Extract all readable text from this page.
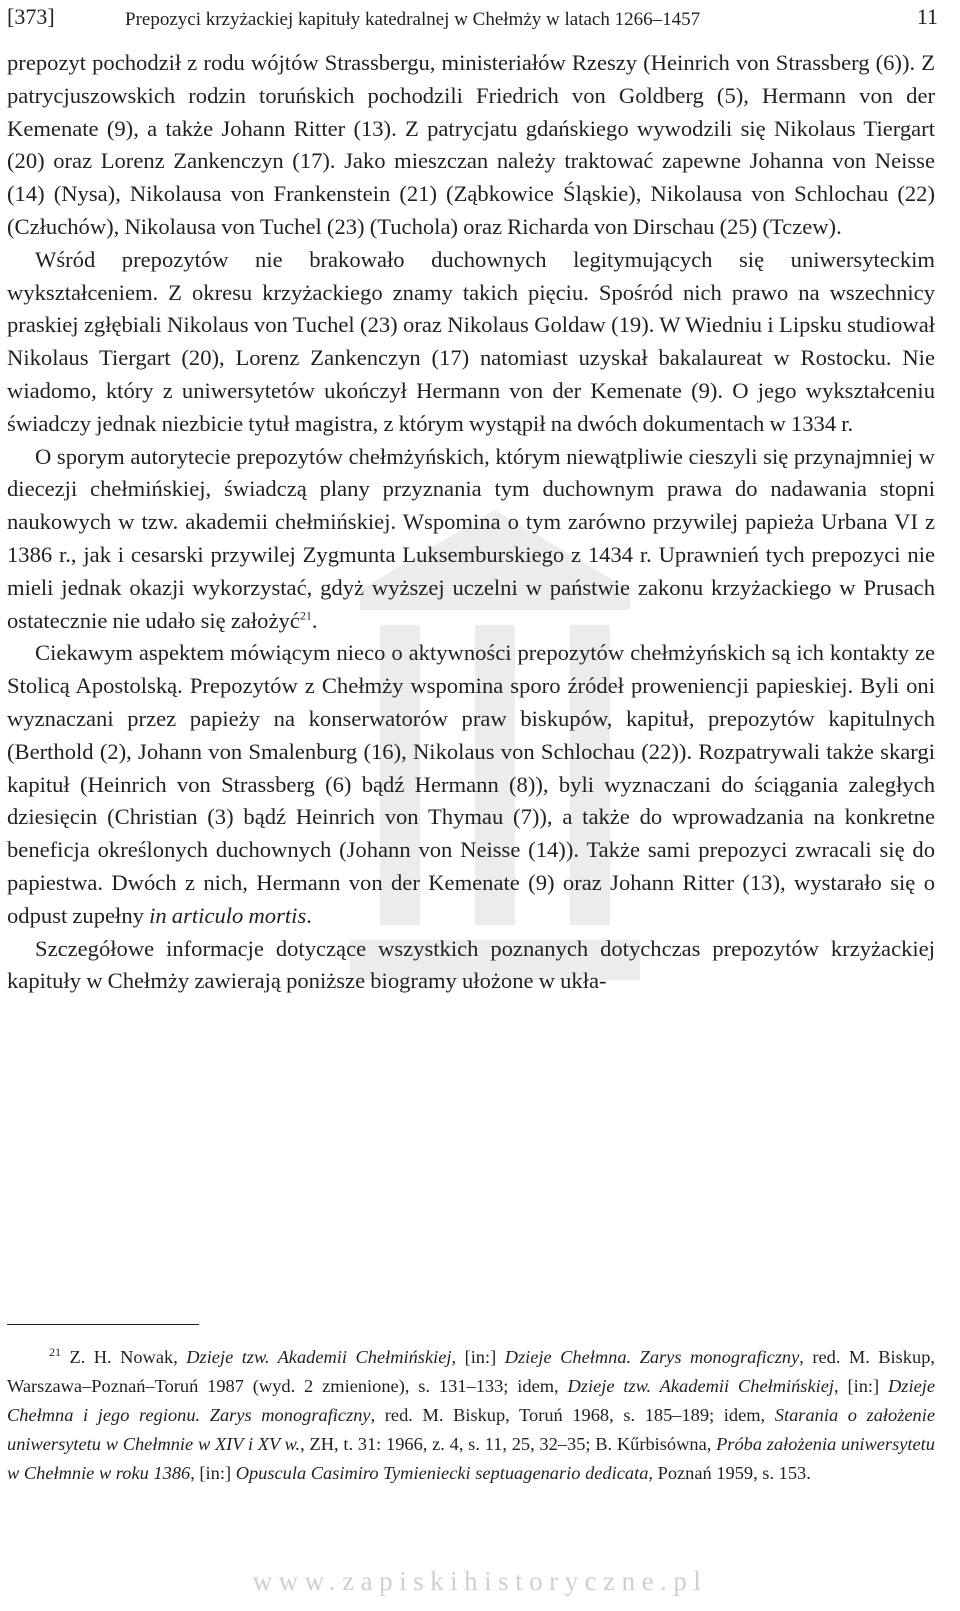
[373]	Prepozyci krzyżackiej kapituły katedralnej w Chełmży w latach 1266–1457	11

prepozyt pochodził z rodu wójtów Strassbergu, ministeriałów Rzeszy (Heinrich von Strassberg (6)). Z patrycjuszowskich rodzin toruńskich pochodzili Friedrich von Goldberg (5), Hermann von der Kemenate (9), a także Johann Ritter (13). Z patrycjatu gdańskiego wywodzili się Nikolaus Tiergart (20) oraz Lorenz Zankenczyn (17). Jako mieszczan należy traktować zapewne Johanna von Neisse (14) (Nysa), Nikolausa von Frankenstein (21) (Ząbkowice Śląskie), Nikolausa von Schlochau (22) (Człuchów), Nikolausa von Tuchel (23) (Tuchola) oraz Richarda von Dirschau (25) (Tczew).

Wśród prepozytów nie brakowało duchownych legitymujących się uniwersyteckim wykształceniem. Z okresu krzyżackiego znamy takich pięciu. Spośród nich prawo na wszechnicy praskiej zgłębiali Nikolaus von Tuchel (23) oraz Nikolaus Goldaw (19). W Wiedniu i Lipsku studiował Nikolaus Tiergart (20), Lorenz Zankenczyn (17) natomiast uzyskał bakalaureat w Rostocku. Nie wiadomo, który z uniwersytetów ukończył Hermann von der Kemenate (9). O jego wykształceniu świadczy jednak niezbicie tytuł magistra, z którym wystąpił na dwóch dokumentach w 1334 r.

O sporym autorytecie prepozytów chełmżyńskich, którym niewątpliwie cieszyli się przynajmniej w diecezji chełmińskiej, świadczą plany przyznania tym duchownym prawa do nadawania stopni naukowych w tzw. akademii chełmińskiej. Wspomina o tym zarówno przywilej papieża Urbana VI z 1386 r., jak i cesarski przywilej Zygmunta Luksemburskiego z 1434 r. Uprawnień tych prepozyci nie mieli jednak okazji wykorzystać, gdyż wyższej uczelni w państwie zakonu krzyżackiego w Prusach ostatecznie nie udało się założyć$^{21}$.

Ciekawym aspektem mówiącym nieco o aktywności prepozytów chełmżyńskich są ich kontakty ze Stolicą Apostolską. Prepozytów z Chełmży wspomina sporo źródeł proweniencji papieskiej. Byli oni wyznaczani przez papieży na konserwatorów praw biskupów, kapituł, prepozytów kapitulnych (Berthold (2), Johann von Smalenburg (16), Nikolaus von Schlochau (22)). Rozpatrywali także skargi kapituł (Heinrich von Strassberg (6) bądź Hermann (8)), byli wyznaczani do ściągania zaległych dziesięcin (Christian (3) bądź Heinrich von Thymau (7)), a także do wprowadzania na konkretne beneficja określonych duchownych (Johann von Neisse (14)). Także sami prepozyci zwracali się do papiestwa. Dwóch z nich, Hermann von der Kemenate (9) oraz Johann Ritter (13), wystarało się o odpust zupełny in articulo mortis.

Szczegółowe informacje dotyczące wszystkich poznanych dotychczas prepozytów krzyżackiej kapituły w Chełmży zawierają poniższe biogramy ułożone w ukła-

$^{21}$ Z. H. Nowak, Dzieje tzw. Akademii Chełmińskiej, [in:] Dzieje Chełmna. Zarys monograficzny, red. M. Biskup, Warszawa–Poznań–Toruń 1987 (wyd. 2 zmienione), s. 131–133; idem, Dzieje tzw. Akademii Chełmińskiej, [in:] Dzieje Chełmna i jego regionu. Zarys monograficzny, red. M. Biskup, Toruń 1968, s. 185–189; idem, Starania o założenie uniwersytetu w Chełmnie w XIV i XV w., ZH, t. 31: 1966, z. 4, s. 11, 25, 32–35; B. Kűrbisówna, Próba założenia uniwersytetu w Chełmnie w roku 1386, [in:] Opuscula Casimiro Tymieniecki septuagenario dedicata, Poznań 1959, s. 153.

www.zapiskihistoryczne.pl
